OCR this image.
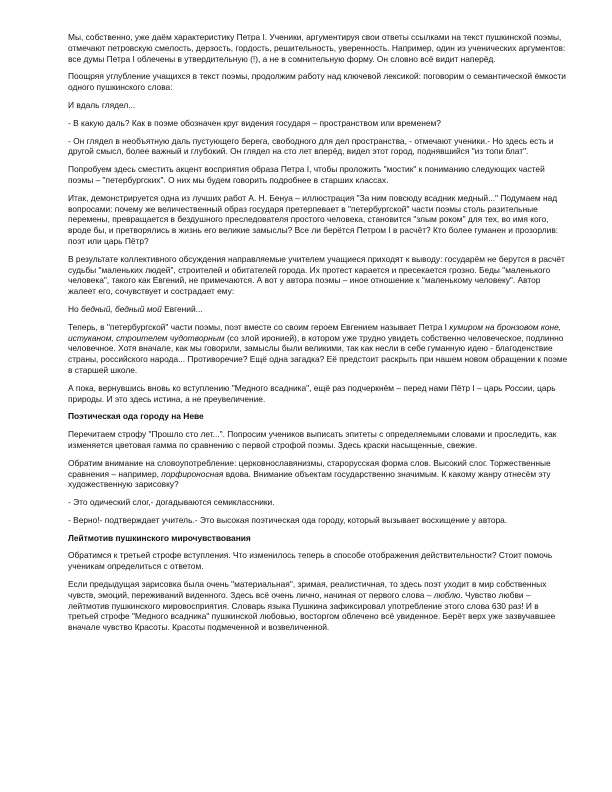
Мы, собственно, уже даём характеристику Петра I. Ученики, аргументируя свои ответы ссылками на текст пушкинской поэмы, отмечают петровскую смелость, дерзость, гордость, решительность, уверенность. Например, один из ученических аргументов: все думы Петра I облечены в утвердительную (!), а не в сомнительную форму. Он словно всё видит наперёд.

Поощряя углубление учащихся в текст поэмы, продолжим работу над ключевой лексикой: поговорим о семантической ёмкости одного пушкинского слова:

И вдаль глядел...

- В какую даль? Как в поэме обозначен круг видения государя – пространством или временем?

- Он глядел в необъятную даль пустующего берега, свободного для дел пространства, - отмечают ученики.- Но здесь есть и другой смысл, более важный и глубокий. Он глядел на сто лет вперёд, видел этот город, поднявшийся "из топи блат".

Попробуем здесь сместить акцент восприятия образа Петра I, чтобы проложить "мостик" к пониманию следующих частей поэмы – "петербургских". О них мы будем говорить подробнее в старших классах.

Итак, демонстрируется одна из лучших работ А. Н. Бенуа – иллюстрация "За ним повсюду всадник медный..." Подумаем над вопросами: почему же величественный образ государя претерпевает в "петербургской" части поэмы столь разительные перемены, превращается в бездушного преследователя простого человека, становится "злым роком" для тех, во имя кого, вроде бы, и претворялись в жизнь его великие замыслы? Все ли берётся Петром I в расчёт? Кто более гуманен и прозорлив: поэт или царь Пётр?

В результате коллективного обсуждения направляемые учителем учащиеся приходят к выводу: государём не берутся в расчёт судьбы "маленьких людей", строителей и обитателей города. Их протест карается и пресекается грозно. Беды "маленького человека", такого как Евгений, не примечаются. А вот у автора поэмы – иное отношение к "маленькому человеку". Автор жалеет его, сочувствует и сострадает ему:

Но бедный, бедный мой Евгений...

Теперь, в "петербургской" части поэмы, поэт вместе со своим героем Евгением называет Петра I кумиром на бронзовом коне, истуканом, строителем чудотворным (со злой иронией), в котором уже трудно увидеть собственно человеческое, подлинно человечное. Хотя вначале, как мы говорили, замыслы были великими, так как несли в себе гуманную идею - благоденствие страны, российского народа... Противоречие? Ещё одна загадка? Её предстоит раскрыть при нашем новом обращении к поэме в старшей школе.

А пока, вернувшись вновь ко вступлению "Медного всадника", ещё раз подчеркнём – перед нами Пётр I – царь России, царь природы. И это здесь истина, а не преувеличение.

Поэтическая ода городу на Неве

Перечитаем строфу "Прошло сто лет...". Попросим учеников выписать эпитеты с определяемыми словами и проследить, как изменяется цветовая гамма по сравнению с первой строфой поэмы. Здесь краски насыщенные, свежие.

Обратим внимание на словоупотребление: церковнославянизмы, старорусская форма слов. Высокий слог. Торжественные сравнения – например, порфироносная вдова. Внимание объектам государственно значимым. К какому жанру отнесём эту художественную зарисовку?

- Это одический слог,- догадываются семиклассники.

- Верно!- подтверждает учитель.- Это высокая поэтическая ода городу, который вызывает восхищение у автора.

Лейтмотив пушкинского мирочувствования

Обратимся к третьей строфе вступления. Что изменилось теперь в способе отображения действительности? Стоит помочь ученикам определиться с ответом.

Если предыдущая зарисовка была очень "материальная", зримая, реалистичная, то здесь поэт уходит в мир собственных чувств, эмоций, переживаний виденного. Здесь всё очень лично, начиная от первого слова – люблю. Чувство любви – лейтмотив пушкинского мировосприятия. Словарь языка Пушкина зафиксировал употребление этого слова 630 раз! И в третьей строфе "Медного всадника" пушкинской любовью, восторгом облечено всё увиденное. Берёт верх уже зазвучавшее вначале чувство Красоты. Красоты подмеченной и возвеличенной.
